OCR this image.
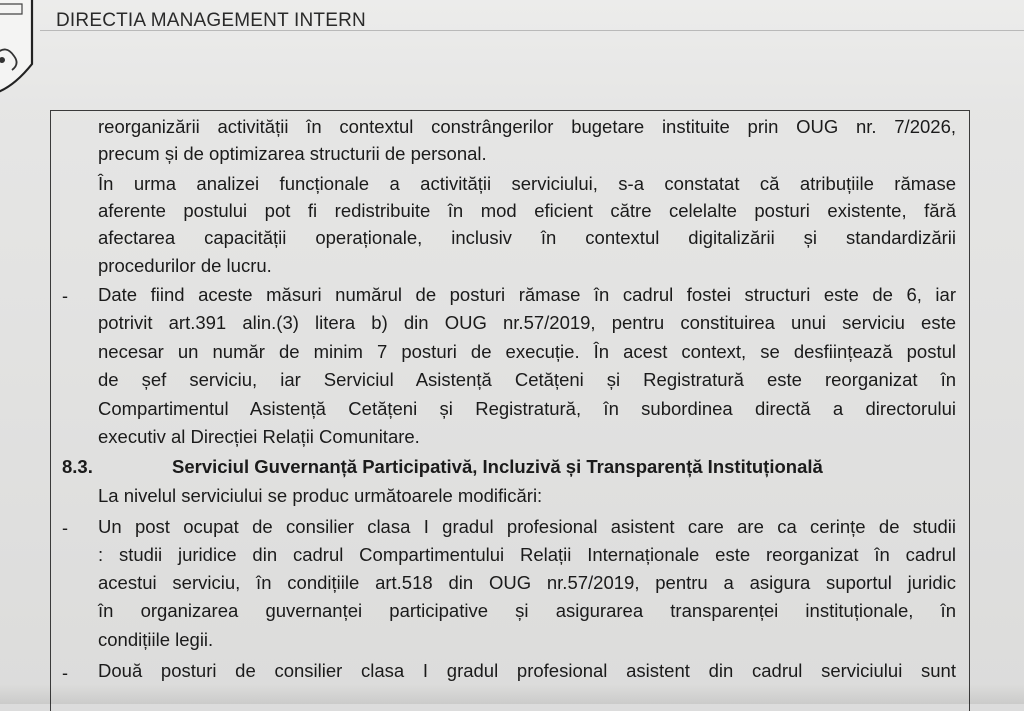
DIRECTIA MANAGEMENT INTERN
reorganizării activității în contextul constrângerilor bugetare instituite prin OUG nr. 7/2026,
precum și de optimizarea structurii de personal.
În urma analizei funcționale a activității serviciului, s-a constatat că atribuțiile rămase
aferente postului pot fi redistribuite în mod eficient către celelalte posturi existente, fără
afectarea capacității operaționale, inclusiv în contextul digitalizării și standardizării
procedurilor de lucru.
- Date fiind aceste măsuri numărul de posturi rămase în cadrul fostei structuri este de 6, iar
potrivit art.391 alin.(3) litera b) din OUG nr.57/2019, pentru constituirea unui serviciu este
necesar un număr de minim 7 posturi de execuție. În acest context, se desființează postul
de șef serviciu, iar Serviciul Asistență Cetățeni și Registratură este reorganizat în
Compartimentul Asistență Cetățeni și Registratură, în subordinea directă a directorului
executiv al Direcției Relații Comunitare.
8.3.	Serviciul Guvernanță Participativă, Incluzivă și Transparență Instituțională
La nivelul serviciului se produc următoarele modificări:
- Un post ocupat de consilier clasa I gradul profesional asistent care are ca cerințe de studii
: studii juridice din cadrul Compartimentului Relații Internaționale este reorganizat în cadrul
acestui serviciu, în condițiile art.518 din OUG nr.57/2019, pentru a asigura suportul juridic
în organizarea guvernanței participative și asigurarea transparenței instituționale, în
condițiile legii.
- Două posturi de consilier clasa I gradul profesional asistent din cadrul serviciului sunt
